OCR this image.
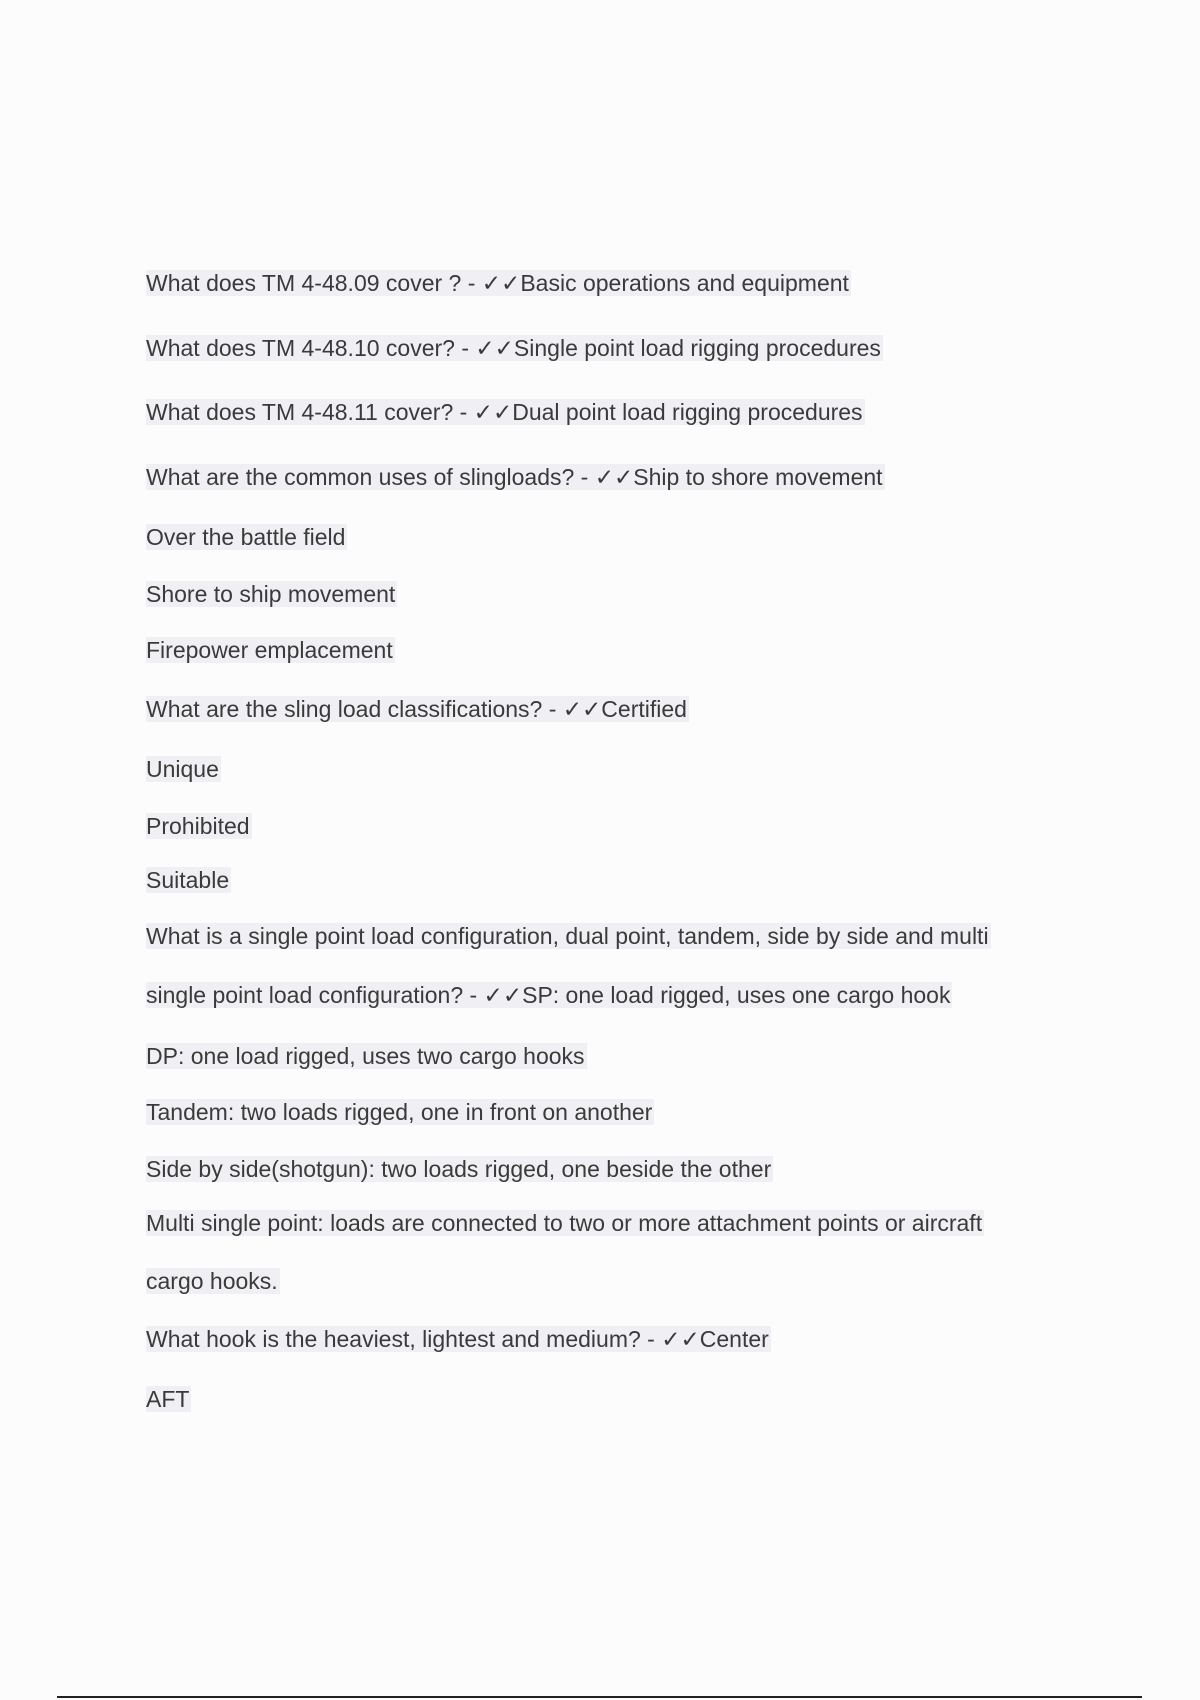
What does TM 4-48.09 cover ? - ✓✓Basic operations and equipment
What does TM 4-48.10 cover? - ✓✓Single point load rigging procedures
What does TM 4-48.11 cover? - ✓✓Dual point load rigging procedures
What are the common uses of slingloads? - ✓✓Ship to shore movement
Over the battle field
Shore to ship movement
Firepower emplacement
What are the sling load classifications? - ✓✓Certified
Unique
Prohibited
Suitable
What is a single point load configuration, dual point, tandem, side by side and multi
single point load configuration? - ✓✓SP: one load rigged, uses one cargo hook
DP: one load rigged, uses two cargo hooks
Tandem: two loads rigged, one in front on another
Side by side(shotgun): two loads rigged, one beside the other
Multi single point: loads are connected to two or more attachment points or aircraft
cargo hooks.
What hook is the heaviest, lightest and medium? - ✓✓Center
AFT
